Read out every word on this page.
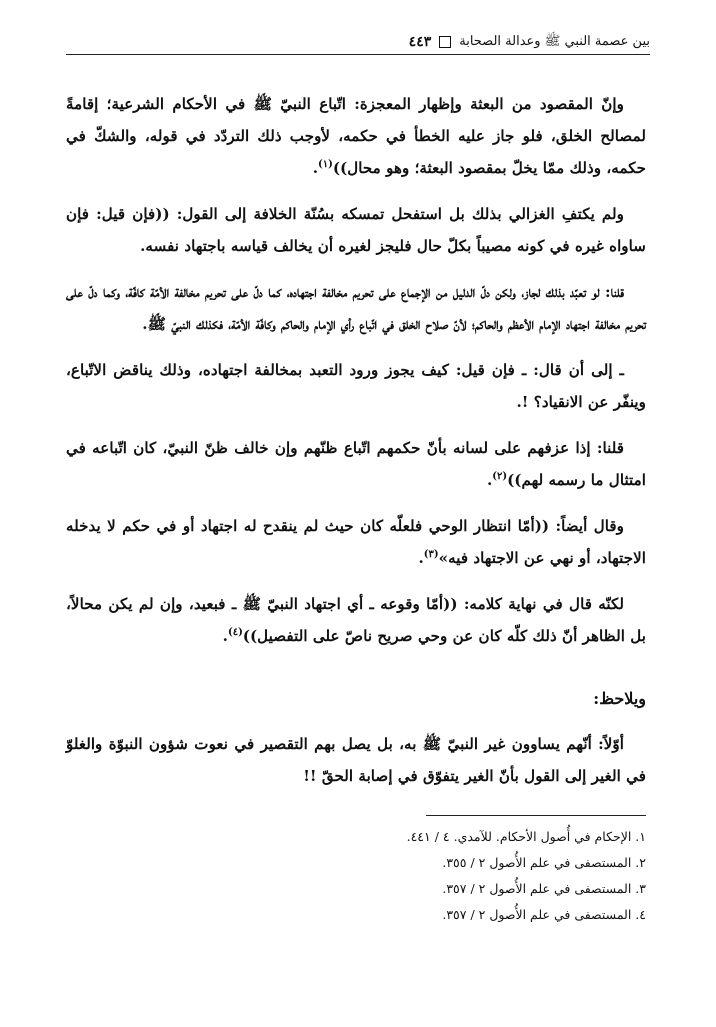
بين عصمة النبي ﷺ وعدالة الصحابة
٤٤٣

وإنّ المقصود من البعثة وإظهار المعجزة: اتّباع النبيّ ﷺ في الأحكام الشرعية؛ إقامةً لمصالح الخلق، فلو جاز عليه الخطأ في حكمه، لأوجب ذلك التردّد في قوله، والشكّ في حكمه، وذلك ممّا يخلّ بمقصود البعثة؛ وهو محال))$^{(١)}$.

ولم يكتفِ الغزالي بذلك بل استفحل تمسكه بسُنّة الخلافة إلى القول: ((فإن قيل: فإن ساواه غيره في كونه مصيباً بكلّ حال فليجز لغيره أن يخالف قياسه باجتهاد نفسه.

قلنا: لو تعبّد بذلك لجاز، ولكن دلّ الدليل من الإجماع على تحريم مخالفة اجتهاده، كما دلّ على تحريم مخالفة الأمّة كافّة، وكما دلّ على تحريم مخالفة اجتهاد الإمام الأعظم والحاكم؛ لأنّ صلاح الخلق في اتّباع رأي الإمام والحاكم وكافّة الأمّة، فكذلك النبيّ ﷺ.

ـ إلى أن قال: ـ فإن قيل: كيف يجوز ورود التعبد بمخالفة اجتهاده، وذلك يناقض الاتّباع، وينفّر عن الانقياد؟ !.

قلنا: إذا عزفهم على لسانه بأنّ حكمهم اتّباع ظنّهم وإن خالف ظنّ النبيّ، كان اتّباعه في امتثال ما رسمه لهم))$^{(٢)}$.

وقال أيضاً: ((أمّا انتظار الوحي فلعلّه كان حيث لم ينقدح له اجتهاد أو في حكم لا يدخله الاجتهاد، أو نهي عن الاجتهاد فيه»$^{(٣)}$.

لكنّه قال في نهاية كلامه: ((أمّا وقوعه ـ أي اجتهاد النبيّ ﷺ ـ فبعيد، وإن لم يكن محالاً، بل الظاهر أنّ ذلك كلّه كان عن وحي صريح ناصّ على التفصيل))$^{(٤)}$.

ويلاحظ:

أوّلاً: أنّهم يساوون غير النبيّ ﷺ به، بل يصل بهم التقصير في نعوت شؤون النبوّة والغلوّ في الغير إلى القول بأنّ الغير يتفوّق في إصابة الحقّ !!

١. الإحكام في أُصول الأحكام. للآمدي. ٤ / ٤٤١.
٢. المستصفى في علم الأُصول ٢ / ٣٥٥.
٣. المستصفى في علم الأُصول ٢ / ٣٥٧.
٤. المستصفى في علم الأُصول ٢ / ٣٥٧.
